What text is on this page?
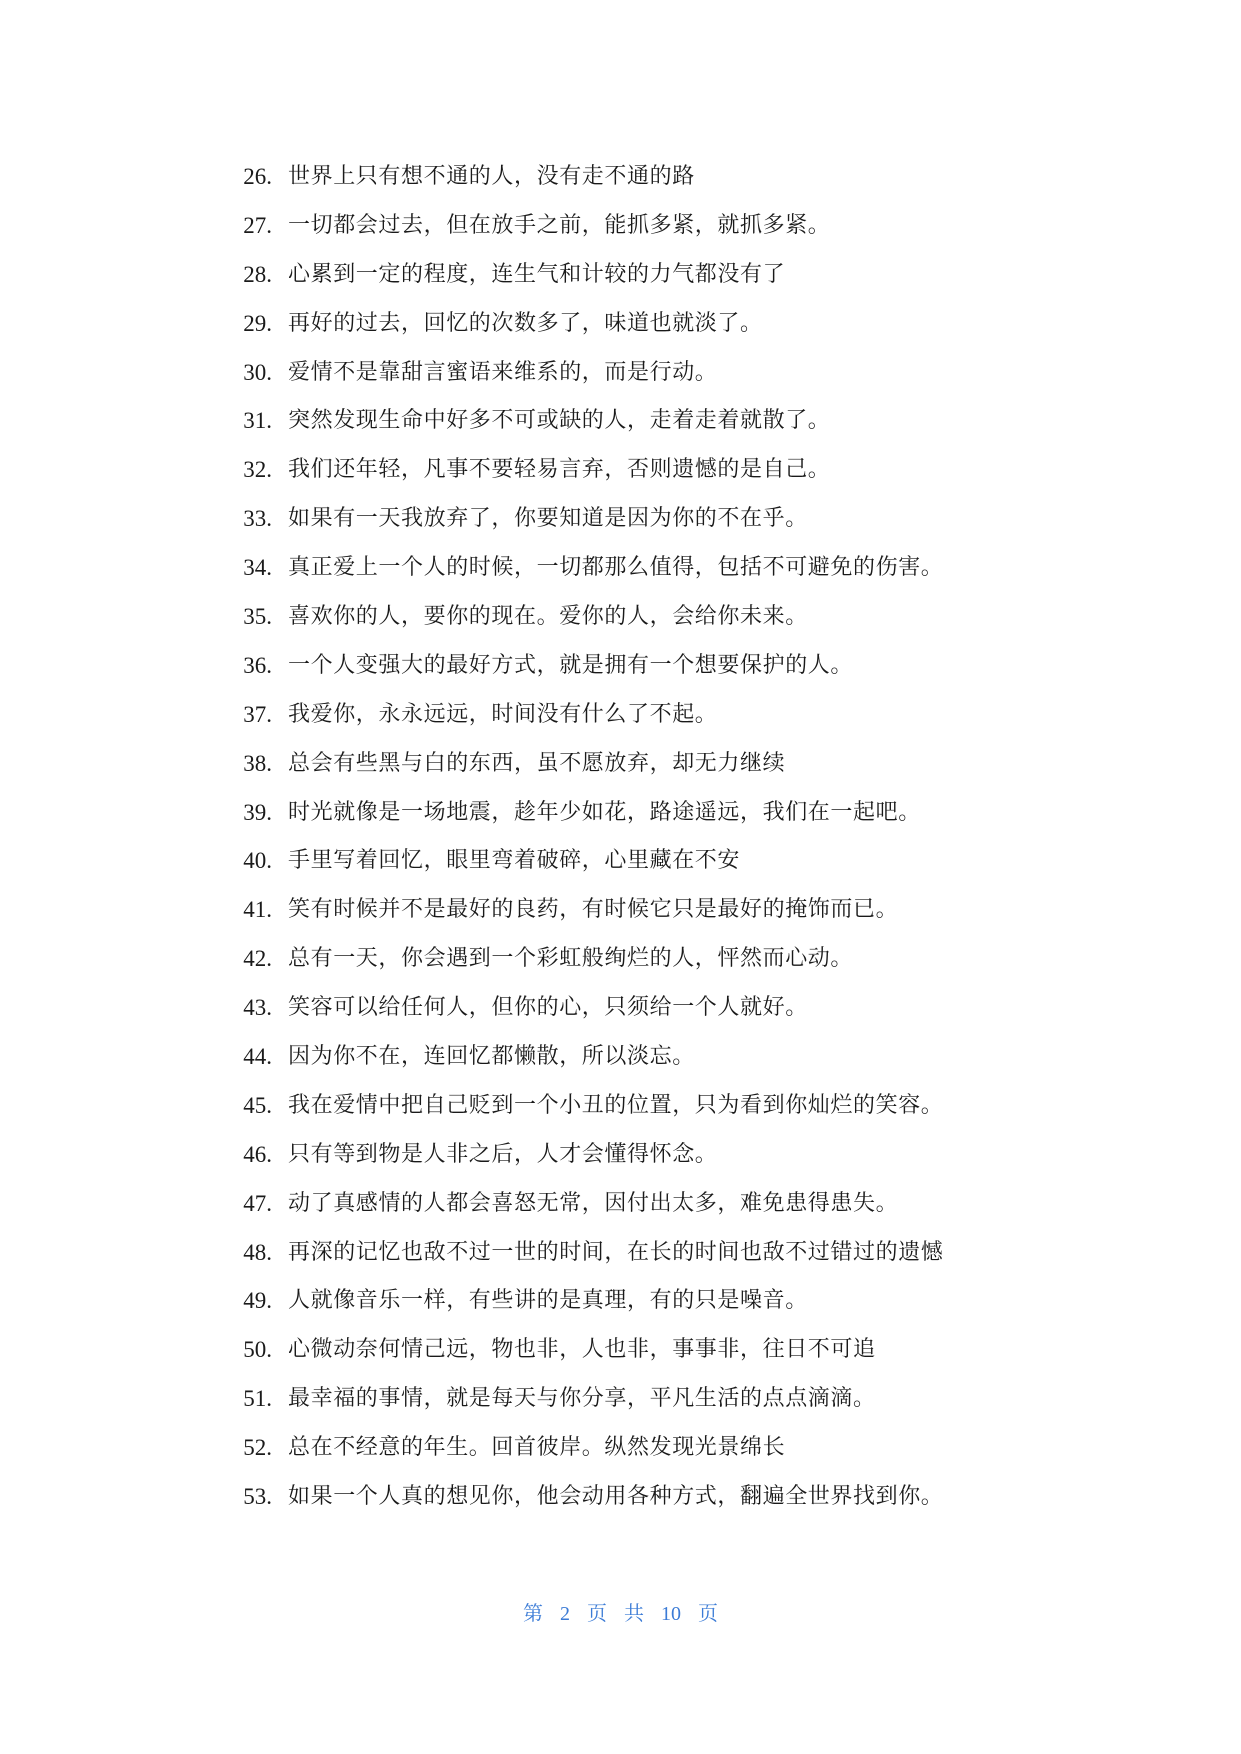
26. 世界上只有想不通的人，没有走不通的路
27. 一切都会过去，但在放手之前，能抓多紧，就抓多紧。
28. 心累到一定的程度，连生气和计较的力气都没有了
29. 再好的过去，回忆的次数多了，味道也就淡了。
30. 爱情不是靠甜言蜜语来维系的，而是行动。
31. 突然发现生命中好多不可或缺的人，走着走着就散了。
32. 我们还年轻，凡事不要轻易言弃，否则遗憾的是自己。
33. 如果有一天我放弃了，你要知道是因为你的不在乎。
34. 真正爱上一个人的时候，一切都那么值得，包括不可避免的伤害。
35. 喜欢你的人，要你的现在。爱你的人，会给你未来。
36. 一个人变强大的最好方式，就是拥有一个想要保护的人。
37. 我爱你，永永远远，时间没有什么了不起。
38. 总会有些黑与白的东西，虽不愿放弃，却无力继续
39. 时光就像是一场地震，趁年少如花，路途遥远，我们在一起吧。
40. 手里写着回忆，眼里弯着破碎，心里藏在不安
41. 笑有时候并不是最好的良药，有时候它只是最好的掩饰而已。
42. 总有一天，你会遇到一个彩虹般绚烂的人，怦然而心动。
43. 笑容可以给任何人，但你的心，只须给一个人就好。
44. 因为你不在，连回忆都懒散，所以淡忘。
45. 我在爱情中把自己贬到一个小丑的位置，只为看到你灿烂的笑容。
46. 只有等到物是人非之后，人才会懂得怀念。
47. 动了真感情的人都会喜怒无常，因付出太多，难免患得患失。
48. 再深的记忆也敌不过一世的时间，在长的时间也敌不过错过的遗憾
49. 人就像音乐一样，有些讲的是真理，有的只是噪音。
50. 心微动奈何情己远，物也非，人也非，事事非，往日不可追
51. 最幸福的事情，就是每天与你分享，平凡生活的点点滴滴。
52. 总在不经意的年生。回首彼岸。纵然发现光景绵长
53. 如果一个人真的想见你，他会动用各种方式，翻遍全世界找到你。
第 2 页 共 10 页
